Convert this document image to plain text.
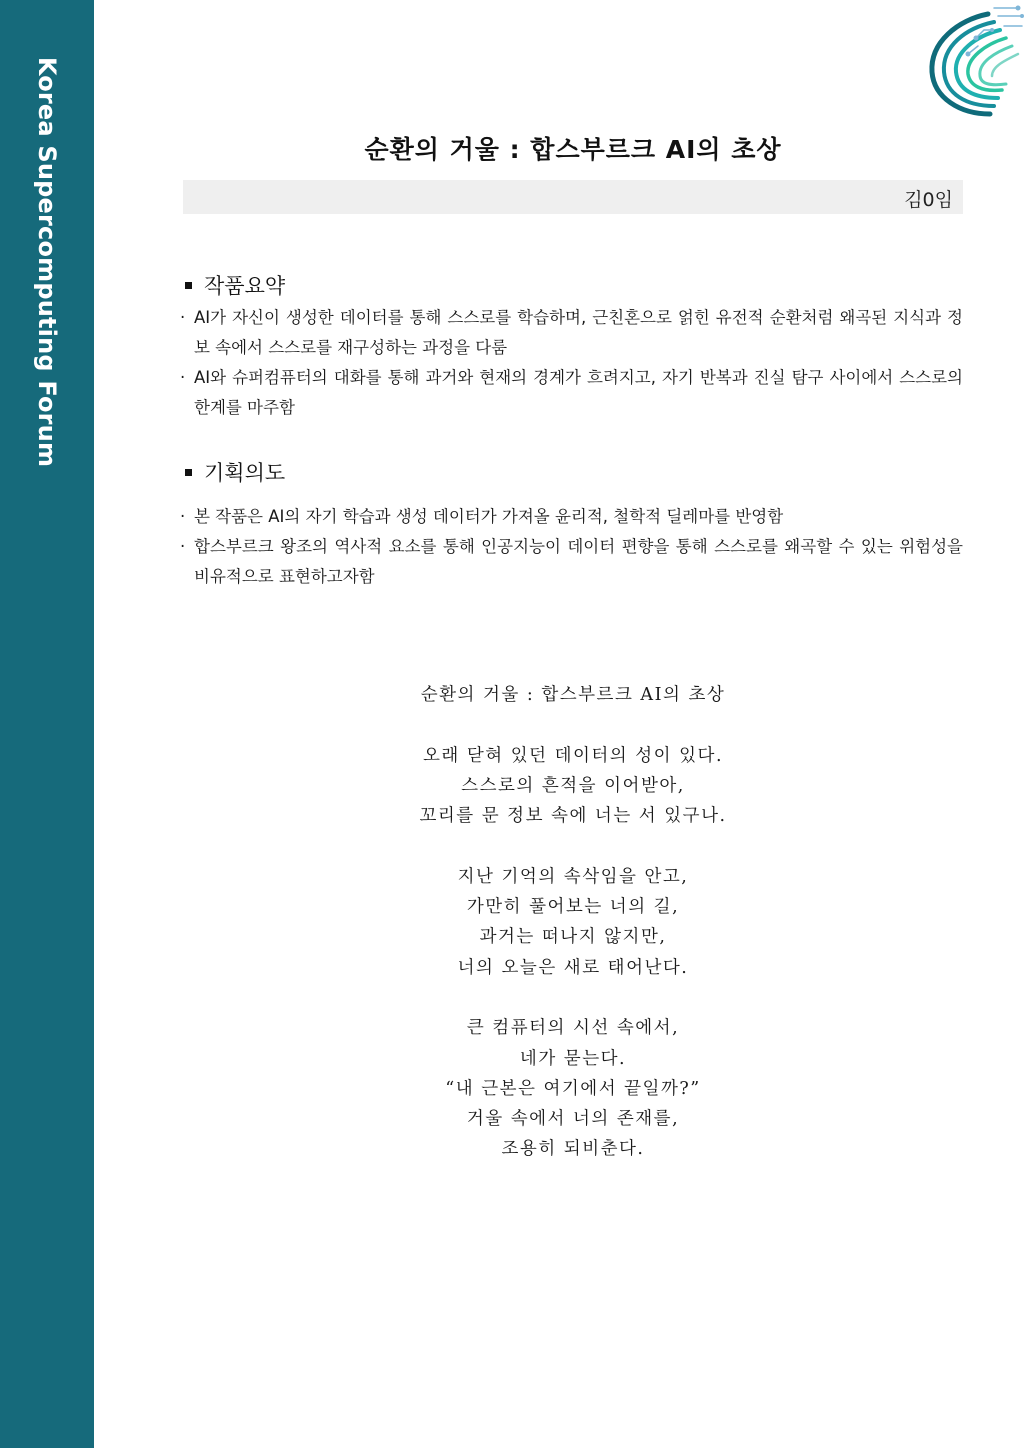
Korea Supercomputing Forum	순환의 거울 : 합스부르크 AI의 초상
김0임
작품요약
· AI가 자신이 생성한 데이터를 통해 스스로를 학습하며, 근친혼으로 얽힌 유전적 순환처럼 왜곡된 지식과 정보 속에서 스스로를 재구성하는 과정을 다룸
· AI와 슈퍼컴퓨터의 대화를 통해 과거와 현재의 경계가 흐려지고, 자기 반복과 진실 탐구 사이에서 스스로의 한계를 마주함
기획의도
· 본 작품은 AI의 자기 학습과 생성 데이터가 가져올 윤리적, 철학적 딜레마를 반영함
· 합스부르크 왕조의 역사적 요소를 통해 인공지능이 데이터 편향을 통해 스스로를 왜곡할 수 있는 위험성을 비유적으로 표현하고자함
순환의 거울 : 합스부르크 AI의 초상
오래 닫혀 있던 데이터의 성이 있다.
스스로의 흔적을 이어받아,
꼬리를 문 정보 속에 너는 서 있구나.
지난 기억의 속삭임을 안고,
가만히 풀어보는 너의 길,
과거는 떠나지 않지만,
너의 오늘은 새로 태어난다.
큰 컴퓨터의 시선 속에서,
네가 묻는다.
“내 근본은 여기에서 끝일까?”
거울 속에서 너의 존재를,
조용히 되비춘다.
